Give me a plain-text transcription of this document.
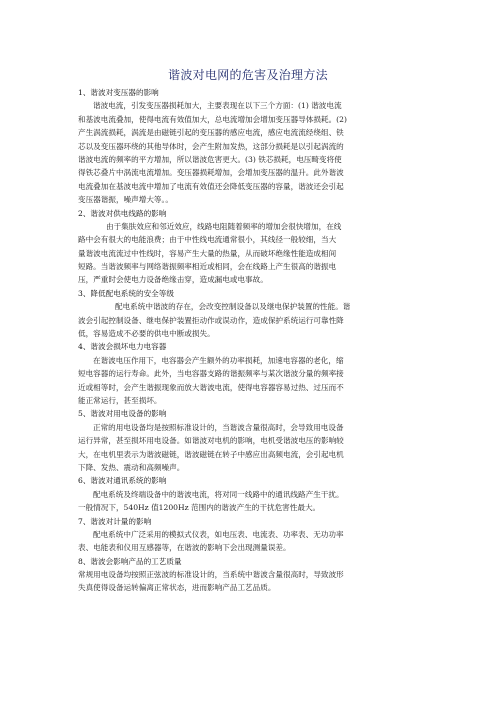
谐波对电网的危害及治理方法
1、谐波对变压器的影响
谐波电流，引发变压器损耗加大，主要表现在以下三个方面：(1) 谐波电流
和基波电流叠加，使得电流有效值加大，总电流增加会增加变压器导体损耗。(2)
产生涡流损耗，涡流是由磁链引起的变压器的感应电流，感应电流流经绕组、铁
芯以及变压器环绕的其他导体时，会产生附加发热，这部分损耗是以引起涡流的
谐波电流的频率的平方增加，所以谐波危害更大。(3) 铁芯损耗，电压畸变将使
得铁芯叠片中涡流电流增加。变压器损耗增加，会增加变压器的温升。此外谐波
电流叠加在基波电流中增加了电流有效值还会降低变压器的容量，谐波还会引起
变压器谐振，噪声增大等。。
2、谐波对供电线路的影响
由于集肤效应和邻近效应，线路电阻随着频率的增加会很快增加，在线
路中会有很大的电能浪费；由于中性线电流通常很小，其线径一般较细，当大
量谐波电流流过中性线时，容易产生大量的热量，从而破坏绝缘性能造成相间
短路。当谐波频率与网络谐振频率相近或相同，会在线路上产生很高的谐振电
压，严重时会使电力设备绝缘击穿，造成漏电或电事故。
3、降低配电系统的安全等级
配电系统中谐波的存在，会改变控制设备以及继电保护装置的性能。谐
波会引起控制设备、继电保护装置拒动作或误动作，造成保护系统运行可靠性降
低，容易造成不必要的供电中断或损失。
4、谐波会损坏电力电容器
在谐波电压作用下，电容器会产生额外的功率损耗，加速电容器的老化，缩
短电容器的运行寿命。此外，当电容器支路的谐振频率与某次谐波分量的频率接
近或相等时，会产生谐振现象而放大谐波电流，使得电容器容易过热、过压而不
能正常运行，甚至损坏。
5、谐波对用电设备的影响
正常的用电设备均是按照标准设计的，当谐波含量很高时，会导致用电设备
运行异常，甚至损坏用电设备。如谐波对电机的影响，电机受谐波电压的影响较
大，在电机里表示为谐波磁链，谐波磁链在转子中感应出高频电流，会引起电机
下降、发热、震动和高频噪声。
6、谐波对通讯系统的影响
配电系统及终端设备中的谐波电流，将对同一线路中的通讯线路产生干扰。
一般情况下，540Hz 值1200Hz 范围内的谐波产生的干扰危害性最大。
7、谐波对计量的影响
配电系统中广泛采用的模拟式仪表，如电压表、电流表、功率表、无功功率
表、电能表和仪用互感器等，在谐波的影响下会出现测量误差。
8、谐波会影响产品的工艺质量
常规用电设备均按照正弦波的标准设计的，当系统中谐波含量很高时，导致波形
失真使得设备运转偏离正常状态，进而影响产品工艺品质。
